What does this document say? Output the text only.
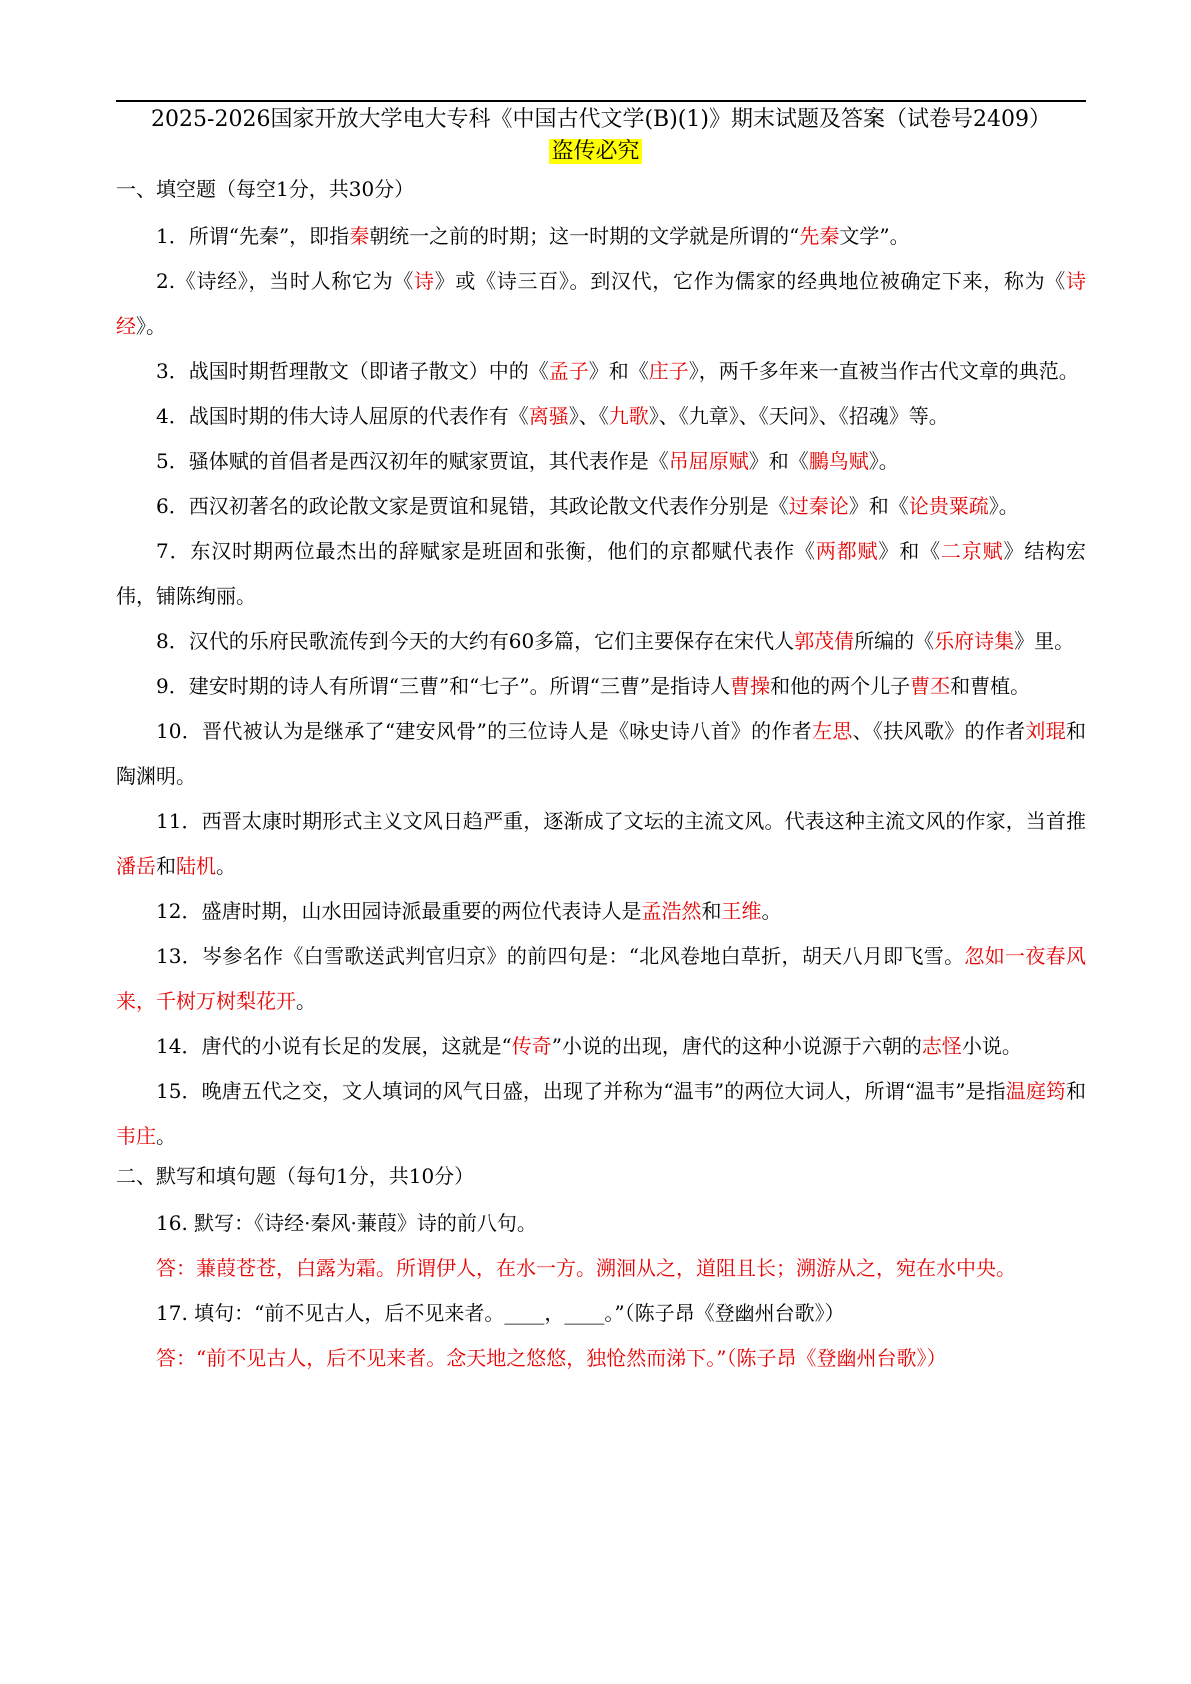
2025-2026国家开放大学电大专科《中国古代文学(B)(1)》期末试题及答案（试卷号2409）
盗传必究
一、填空题（每空1分，共30分）
1．所谓“先秦”，即指秦朝统一之前的时期；这一时期的文学就是所谓的“先秦文学”。
2.《诗经》，当时人称它为《诗》或《诗三百》。到汉代，它作为儒家的经典地位被确定下来，称为《诗经》。
3．战国时期哲理散文（即诸子散文）中的《孟子》和《庄子》，两千多年来一直被当作古代文章的典范。
4．战国时期的伟大诗人屈原的代表作有《离骚》、《九歌》、《九章》、《天问》、《招魂》等。
5．骚体赋的首倡者是西汉初年的赋家贾谊，其代表作是《吊屈原赋》和《鵩鸟赋》。
6．西汉初著名的政论散文家是贾谊和晁错，其政论散文代表作分别是《过秦论》和《论贵粟疏》。
7．东汉时期两位最杰出的辞赋家是班固和张衡，他们的京都赋代表作《两都赋》和《二京赋》结构宏伟，铺陈绚丽。
8．汉代的乐府民歌流传到今天的大约有60多篇，它们主要保存在宋代人郭茂倩所编的《乐府诗集》里。
9．建安时期的诗人有所谓“三曹”和“七子”。所谓“三曹”是指诗人曹操和他的两个儿子曹丕和曹植。
10．晋代被认为是继承了“建安风骨”的三位诗人是《咏史诗八首》的作者左思、《扶风歌》的作者刘琨和陶渊明。
11．西晋太康时期形式主义文风日趋严重，逐渐成了文坛的主流文风。代表这种主流文风的作家，当首推潘岳和陆机。
12．盛唐时期，山水田园诗派最重要的两位代表诗人是孟浩然和王维。
13．岑参名作《白雪歌送武判官归京》的前四句是：“北风卷地白草折，胡天八月即飞雪。忽如一夜春风来，千树万树梨花开。
14．唐代的小说有长足的发展，这就是“传奇”小说的出现，唐代的这种小说源于六朝的志怪小说。
15．晚唐五代之交，文人填词的风气日盛，出现了并称为“温韦”的两位大词人，所谓“温韦”是指温庭筠和韦庄。
二、默写和填句题（每句1分，共10分）
16. 默写：《诗经·秦风·蒹葭》诗的前八句。
答：蒹葭苍苍，白露为霜。所谓伊人，在水一方。溯洄从之，道阻且长；溯游从之，宛在水中央。
17. 填句：“前不见古人，后不见来者。____，____。”（陈子昂《登幽州台歌》）
答：“前不见古人，后不见来者。念天地之悠悠，独怆然而涕下。”（陈子昂《登幽州台歌》）
